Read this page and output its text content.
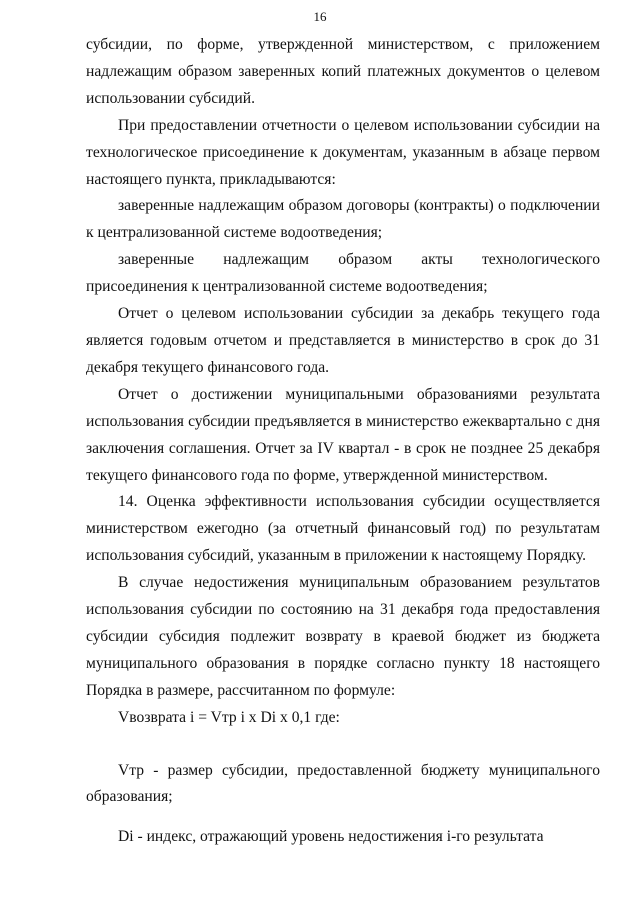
16

субсидии, по форме, утвержденной министерством, с приложением надлежащим образом заверенных копий платежных документов о целевом использовании субсидий.

При предоставлении отчетности о целевом использовании субсидии на технологическое присоединение к документам, указанным в абзаце первом настоящего пункта, прикладываются:

заверенные надлежащим образом договоры (контракты) о подключении к централизованной системе водоотведения;

заверенные надлежащим образом акты технологического присоединения к централизованной системе водоотведения;

Отчет о целевом использовании субсидии за декабрь текущего года является годовым отчетом и представляется в министерство в срок до 31 декабря текущего финансового года.

Отчет о достижении муниципальными образованиями результата использования субсидии предъявляется в министерство ежеквартально с дня заключения соглашения. Отчет за IV квартал - в срок не позднее 25 декабря текущего финансового года по форме, утвержденной министерством.

14. Оценка эффективности использования субсидии осуществляется министерством ежегодно (за отчетный финансовый год) по результатам использования субсидий, указанным в приложении к настоящему Порядку.

В случае недостижения муниципальным образованием результатов использования субсидии по состоянию на 31 декабря года предоставления субсидии субсидия подлежит возврату в краевой бюджет из бюджета муниципального образования в порядке согласно пункту 18 настоящего Порядка в размере, рассчитанном по формуле:

Vвозврата i = Vтр i x Di x 0,1 где:

Vтр - размер субсидии, предоставленной бюджету муниципального образования;

Di - индекс, отражающий уровень недостижения i-го результата
